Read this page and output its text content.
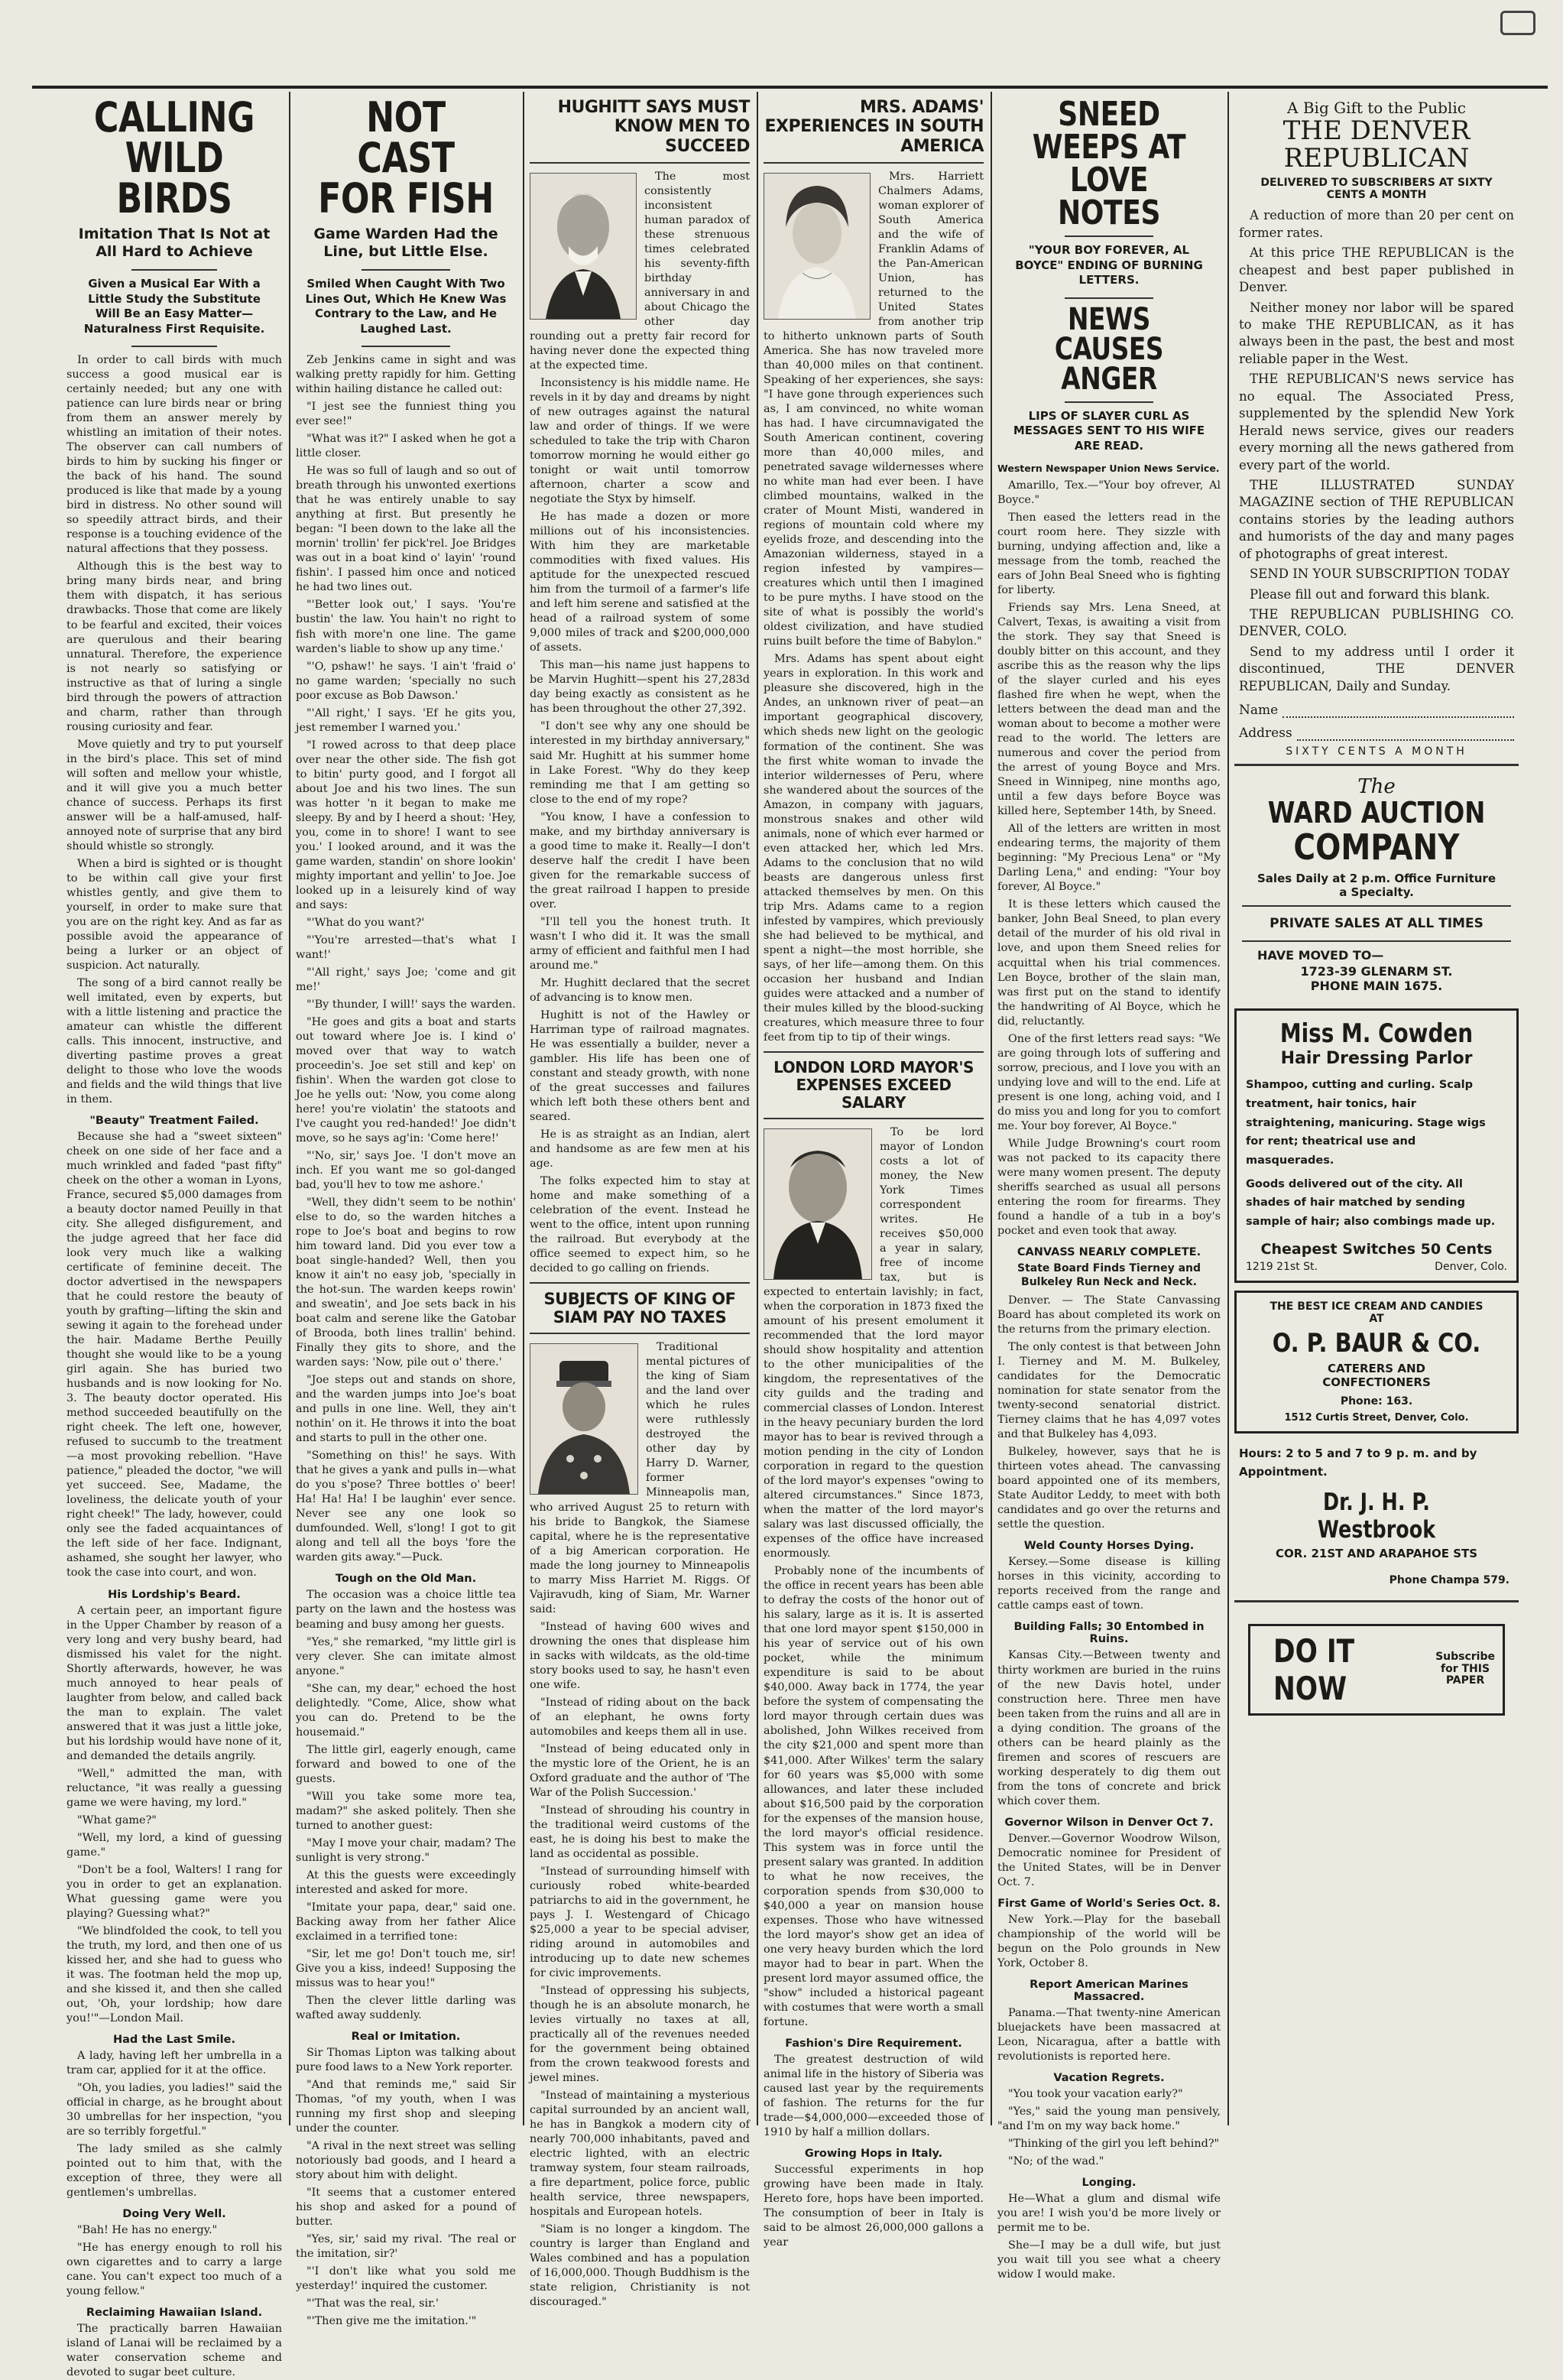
CALLING WILD BIRDS
Imitation That Is Not at All Hard to Achieve
Given a Musical Ear With a Little Study the Substitute Will Be an Easy Matter—Naturalness First Requisite.

In order to call birds with much success a good musical ear is certainly needed; but any one with patience can lure birds near or bring from them an answer merely by whistling an imitation of their notes. The observer can call numbers of birds to him by sucking his finger or the back of his hand. The sound produced is like that made by a young bird in distress. No other sound will so speedily attract birds, and their response is a touching evidence of the natural affections that they possess.

Although this is the best way to bring many birds near, and bring them with dispatch, it has serious drawbacks. Those that come are likely to be fearful and excited, their voices are querulous and their bearing unnatural. Therefore, the experience is not nearly so satisfying or instructive as that of luring a single bird through the powers of attraction and charm, rather than through rousing curiosity and fear.

Move quietly and try to put yourself in the bird's place. This set of mind will soften and mellow your whistle, and it will give you a much better chance of success. Perhaps its first answer will be a half-amused, half-annoyed note of surprise that any bird should whistle so strongly.

When a bird is sighted or is thought to be within call give your first whistles gently, and give them to yourself, in order to make sure that you are on the right key. And as far as possible avoid the appearance of being a lurker or an object of suspicion. Act naturally.

The song of a bird cannot really be well imitated, even by experts, but with a little listening and practice the amateur can whistle the different calls. This innocent, instructive, and diverting pastime proves a great delight to those who love the woods and fields and the wild things that live in them.

"Beauty" Treatment Failed.

Because she had a "sweet sixteen" cheek on one side of her face and a much wrinkled and faded "past fifty" cheek on the other a woman in Lyons, France, secured $5,000 damages from a beauty doctor named Peuilly in that city. She alleged disfigurement, and the judge agreed that her face did look very much like a walking certificate of feminine deceit. The doctor advertised in the newspapers that he could restore the beauty of youth by grafting—lifting the skin and sewing it again to the forehead under the hair. Madame Berthe Peuilly thought she would like to be a young girl again. She has buried two husbands and is now looking for No. 3. The beauty doctor operated. His method succeeded beautifully on the right cheek. The left one, however, refused to succumb to the treatment—a most provoking rebellion. "Have patience," pleaded the doctor, "we will yet succeed. See, Madame, the loveliness, the delicate youth of your right cheek!" The lady, however, could only see the faded acquaintances of the left side of her face. Indignant, ashamed, she sought her lawyer, who took the case into court, and won.

His Lordship's Beard.

A certain peer, an important figure in the Upper Chamber by reason of a very long and very bushy beard, had dismissed his valet for the night. Shortly afterwards, however, he was much annoyed to hear peals of laughter from below, and called back the man to explain. The valet answered that it was just a little joke, but his lordship would have none of it, and demanded the details angrily.

"Well," admitted the man, with reluctance, "it was really a guessing game we were having, my lord."

"What game?"

"Well, my lord, a kind of guessing game."

"Don't be a fool, Walters! I rang for you in order to get an explanation. What guessing game were you playing? Guessing what?"

"We blindfolded the cook, to tell you the truth, my lord, and then one of us kissed her, and she had to guess who it was. The footman held the mop up, and she kissed it, and then she called out, 'Oh, your lordship; how dare you!'"—London Mail.

Had the Last Smile.

A lady, having left her umbrella in a tram car, applied for it at the office.

"Oh, you ladies, you ladies!" said the official in charge, as he brought about 30 umbrellas for her inspection, "you are so terribly forgetful."

The lady smiled as she calmly pointed out to him that, with the exception of three, they were all gentlemen's umbrellas.

Doing Very Well.

"Bah! He has no energy."

"He has energy enough to roll his own cigarettes and to carry a large cane. You can't expect too much of a young fellow."

Reclaiming Hawaiian Island.

The practically barren Hawaiian island of Lanai will be reclaimed by a water conservation scheme and devoted to sugar beet culture.

NOT CAST FOR FISH
Game Warden Had the Line, but Little Else.
Smiled When Caught With Two Lines Out, Which He Knew Was Contrary to the Law, and He Laughed Last.

Zeb Jenkins came in sight and was walking pretty rapidly for him. Getting within hailing distance he called out:

"I jest see the funniest thing you ever see!"

"What was it?" I asked when he got a little closer.

He was so full of laugh and so out of breath through his unwonted exertions that he was entirely unable to say anything at first. But presently he began: "I been down to the lake all the mornin' trollin' fer pick'rel. Joe Bridges was out in a boat kind o' layin' 'round fishin'. I passed him once and noticed he had two lines out.

"'Better look out,' I says. 'You're bustin' the law. You hain't no right to fish with more'n one line. The game warden's liable to show up any time.'

"'O, pshaw!' he says. 'I ain't 'fraid o' no game warden; 'specially no such poor excuse as Bob Dawson.'

"'All right,' I says. 'Ef he gits you, jest remember I warned you.'

"I rowed across to that deep place over near the other side. The fish got to bitin' purty good, and I forgot all about Joe and his two lines. The sun was hotter 'n it began to make me sleepy. By and by I heerd a shout: 'Hey, you, come in to shore! I want to see you.' I looked around, and it was the game warden, standin' on shore lookin' mighty important and yellin' to Joe. Joe looked up in a leisurely kind of way and says:

"'What do you want?'

"'You're arrested—that's what I want!'

"'All right,' says Joe; 'come and git me!'

"'By thunder, I will!' says the warden.

"He goes and gits a boat and starts out toward where Joe is. I kind o' moved over that way to watch proceedin's. Joe set still and kep' on fishin'. When the warden got close to Joe he yells out: 'Now, you come along here! you're violatin' the statoots and I've caught you red-handed!' Joe didn't move, so he says ag'in: 'Come here!'

"'No, sir,' says Joe. 'I don't move an inch. Ef you want me so gol-danged bad, you'll hev to tow me ashore.'

"Well, they didn't seem to be nothin' else to do, so the warden hitches a rope to Joe's boat and begins to row him toward land. Did you ever tow a boat single-handed? Well, then you know it ain't no easy job, 'specially in the hot-sun. The warden keeps rowin' and sweatin', and Joe sets back in his boat calm and serene like the Gatobar of Brooda, both lines trallin' behind. Finally they gits to shore, and the warden says: 'Now, pile out o' there.'

"Joe steps out and stands on shore, and the warden jumps into Joe's boat and pulls in one line. Well, they ain't nothin' on it. He throws it into the boat and starts to pull in the other one.

"Something on this!' he says. With that he gives a yank and pulls in—what do you s'pose? Three bottles o' beer! Ha! Ha! Ha! I be laughin' ever sence. Never see any one look so dumfounded. Well, s'long! I got to git along and tell all the boys 'fore the warden gits away."—Puck.

Tough on the Old Man.

The occasion was a choice little tea party on the lawn and the hostess was beaming and busy among her guests.

"Yes," she remarked, "my little girl is very clever. She can imitate almost anyone."

"She can, my dear," echoed the host delightedly. "Come, Alice, show what you can do. Pretend to be the housemaid."

The little girl, eagerly enough, came forward and bowed to one of the guests.

"Will you take some more tea, madam?" she asked politely. Then she turned to another guest:

"May I move your chair, madam? The sunlight is very strong."

At this the guests were exceedingly interested and asked for more.

"Imitate your papa, dear," said one. Backing away from her father Alice exclaimed in a terrified tone:

"Sir, let me go! Don't touch me, sir! Give you a kiss, indeed! Supposing the missus was to hear you!"

Then the clever little darling was wafted away suddenly.

Real or Imitation.

Sir Thomas Lipton was talking about pure food laws to a New York reporter.

"And that reminds me," said Sir Thomas, "of my youth, when I was running my first shop and sleeping under the counter.

"A rival in the next street was selling notoriously bad goods, and I heard a story about him with delight.

"It seems that a customer entered his shop and asked for a pound of butter.

"Yes, sir,' said my rival. 'The real or the imitation, sir?'

"'I don't like what you sold me yesterday!' inquired the customer.

"'That was the real, sir.'

"'Then give me the imitation.'"

HUGHITT SAYS MUST KNOW MEN TO SUCCEED

The most consistently inconsistent human paradox of these strenuous times celebrated his seventy-fifth birthday anniversary in and about Chicago the other day rounding out a pretty fair record for having never done the expected thing at the expected time.

Inconsistency is his middle name. He revels in it by day and dreams by night of new outrages against the natural law and order of things. If we were scheduled to take the trip with Charon tomorrow morning he would either go tonight or wait until tomorrow afternoon, charter a scow and negotiate the Styx by himself.

He has made a dozen or more millions out of his inconsistencies. With him they are marketable commodities with fixed values. His aptitude for the unexpected rescued him from the turmoil of a farmer's life and left him serene and satisfied at the head of a railroad system of some 9,000 miles of track and $200,000,000 of assets.

This man—his name just happens to be Marvin Hughitt—spent his 27,283d day being exactly as consistent as he has been throughout the other 27,392.

"I don't see why any one should be interested in my birthday anniversary," said Mr. Hughitt at his summer home in Lake Forest. "Why do they keep reminding me that I am getting so close to the end of my rope?

"You know, I have a confession to make, and my birthday anniversary is a good time to make it. Really—I don't deserve half the credit I have been given for the remarkable success of the great railroad I happen to preside over.

"I'll tell you the honest truth. It wasn't I who did it. It was the small army of efficient and faithful men I had around me."

Mr. Hughitt declared that the secret of advancing is to know men.

Hughitt is not of the Hawley or Harriman type of railroad magnates. He was essentially a builder, never a gambler. His life has been one of constant and steady growth, with none of the great successes and failures which left both these others bent and seared.

He is as straight as an Indian, alert and handsome as are few men at his age.

The folks expected him to stay at home and make something of a celebration of the event. Instead he went to the office, intent upon running the railroad. But everybody at the office seemed to expect him, so he decided to go calling on friends.

SUBJECTS OF KING OF SIAM PAY NO TAXES

Traditional mental pictures of the king of Siam and the land over which he rules were ruthlessly destroyed the other day by Harry D. Warner, former Minneapolis man, who arrived August 25 to return with his bride to Bangkok, the Siamese capital, where he is the representative of a big American corporation. He made the long journey to Minneapolis to marry Miss Harriet M. Riggs. Of Vajiravudh, king of Siam, Mr. Warner said:

"Instead of having 600 wives and drowning the ones that displease him in sacks with wildcats, as the old-time story books used to say, he hasn't even one wife.

"Instead of riding about on the back of an elephant, he owns forty automobiles and keeps them all in use.

"Instead of being educated only in the mystic lore of the Orient, he is an Oxford graduate and the author of 'The War of the Polish Succession.'

"Instead of shrouding his country in the traditional weird customs of the east, he is doing his best to make the land as occidental as possible.

"Instead of surrounding himself with curiously robed white-bearded patriarchs to aid in the government, he pays J. I. Westengard of Chicago $25,000 a year to be special adviser, riding around in automobiles and introducing up to date new schemes for civic improvements.

"Instead of oppressing his subjects, though he is an absolute monarch, he levies virtually no taxes at all, practically all of the revenues needed for the government being obtained from the crown teakwood forests and jewel mines.

"Instead of maintaining a mysterious capital surrounded by an ancient wall, he has in Bangkok a modern city of nearly 700,000 inhabitants, paved and electric lighted, with an electric tramway system, four steam railroads, a fire department, police force, public health service, three newspapers, hospitals and European hotels.

"Siam is no longer a kingdom. The country is larger than England and Wales combined and has a population of 16,000,000. Though Buddhism is the state religion, Christianity is not discouraged."

MRS. ADAMS' EXPERIENCES IN SOUTH AMERICA

Mrs. Harriett Chalmers Adams, woman explorer of South America and the wife of Franklin Adams of the Pan-American Union, has returned to the United States from another trip to hitherto unknown parts of South America. She has now traveled more than 40,000 miles on that continent. Speaking of her experiences, she says: "I have gone through experiences such as, I am convinced, no white woman has had. I have circumnavigated the South American continent, covering more than 40,000 miles, and penetrated savage wildernesses where no white man had ever been. I have climbed mountains, walked in the crater of Mount Misti, wandered in regions of mountain cold where my eyelids froze, and descending into the Amazonian wilderness, stayed in a region infested by vampires—creatures which until then I imagined to be pure myths. I have stood on the site of what is possibly the world's oldest civilization, and have studied ruins built before the time of Babylon."

Mrs. Adams has spent about eight years in exploration. In this work and pleasure she discovered, high in the Andes, an unknown river of peat—an important geographical discovery, which sheds new light on the geologic formation of the continent. She was the first white woman to invade the interior wildernesses of Peru, where she wandered about the sources of the Amazon, in company with jaguars, monstrous snakes and other wild animals, none of which ever harmed or even attacked her, which led Mrs. Adams to the conclusion that no wild beasts are dangerous unless first attacked themselves by men. On this trip Mrs. Adams came to a region infested by vampires, which previously she had believed to be mythical, and spent a night—the most horrible, she says, of her life—among them. On this occasion her husband and Indian guides were attacked and a number of their mules killed by the blood-sucking creatures, which measure three to four feet from tip to tip of their wings.

LONDON LORD MAYOR'S EXPENSES EXCEED SALARY

To be lord mayor of London costs a lot of money, the New York Times correspondent writes. He receives $50,000 a year in salary, free of income tax, but is expected to entertain lavishly; in fact, when the corporation in 1873 fixed the amount of his present emolument it recommended that the lord mayor should show hospitality and attention to the other municipalities of the kingdom, the representatives of the city guilds and the trading and commercial classes of London. Interest in the heavy pecuniary burden the lord mayor has to bear is revived through a motion pending in the city of London corporation in regard to the question of the lord mayor's expenses "owing to altered circumstances." Since 1873, when the matter of the lord mayor's salary was last discussed officially, the expenses of the office have increased enormously.

Probably none of the incumbents of the office in recent years has been able to defray the costs of the honor out of his salary, large as it is. It is asserted that one lord mayor spent $150,000 in his year of service out of his own pocket, while the minimum expenditure is said to be about $40,000. Away back in 1774, the year before the system of compensating the lord mayor through certain dues was abolished, John Wilkes received from the city $21,000 and spent more than $41,000. After Wilkes' term the salary for 60 years was $5,000 with some allowances, and later these included about $16,500 paid by the corporation for the expenses of the mansion house, the lord mayor's official residence. This system was in force until the present salary was granted. In addition to what he now receives, the corporation spends from $30,000 to $40,000 a year on mansion house expenses. Those who have witnessed the lord mayor's show get an idea of one very heavy burden which the lord mayor had to bear in part. When the present lord mayor assumed office, the "show" included a historical pageant with costumes that were worth a small fortune.

Fashion's Dire Requirement.

The greatest destruction of wild animal life in the history of Siberia was caused last year by the requirements of fashion. The returns for the fur trade—$4,000,000—exceeded those of 1910 by half a million dollars.

Growing Hops in Italy.

Successful experiments in hop growing have been made in Italy. Hereto fore, hops have been imported. The consumption of beer in Italy is said to be almost 26,000,000 gallons a year

SNEED WEEPS AT LOVE NOTES
"YOUR BOY FOREVER, AL BOYCE" ENDING OF BURNING LETTERS.
NEWS CAUSES ANGER
LIPS OF SLAYER CURL AS MESSAGES SENT TO HIS WIFE ARE READ.
Western Newspaper Union News Service.

Amarillo, Tex.—"Your boy ofrever, Al Boyce."

Then eased the letters read in the court room here. They sizzle with burning, undying affection and, like a message from the tomb, reached the ears of John Beal Sneed who is fighting for liberty.

Friends say Mrs. Lena Sneed, at Calvert, Texas, is awaiting a visit from the stork. They say that Sneed is doubly bitter on this account, and they ascribe this as the reason why the lips of the slayer curled and his eyes flashed fire when he wept, when the letters between the dead man and the woman about to become a mother were read to the world. The letters are numerous and cover the period from the arrest of young Boyce and Mrs. Sneed in Winnipeg, nine months ago, until a few days before Boyce was killed here, September 14th, by Sneed.

All of the letters are written in most endearing terms, the majority of them beginning: "My Precious Lena" or "My Darling Lena," and ending: "Your boy forever, Al Boyce."

It is these letters which caused the banker, John Beal Sneed, to plan every detail of the murder of his old rival in love, and upon them Sneed relies for acquittal when his trial commences. Len Boyce, brother of the slain man, was first put on the stand to identify the handwriting of Al Boyce, which he did, reluctantly.

One of the first letters read says: "We are going through lots of suffering and sorrow, precious, and I love you with an undying love and will to the end. Life at present is one long, aching void, and I do miss you and long for you to comfort me. Your boy forever, Al Boyce."

While Judge Browning's court room was not packed to its capacity there were many women present. The deputy sheriffs searched as usual all persons entering the room for firearms. They found a handle of a tub in a boy's pocket and even took that away.

CANVASS NEARLY COMPLETE.
State Board Finds Tierney and Bulkeley Run Neck and Neck.

Denver. — The State Canvassing Board has about completed its work on the returns from the primary election.

The only contest is that between John I. Tierney and M. M. Bulkeley, candidates for the Democratic nomination for state senator from the twenty-second senatorial district. Tierney claims that he has 4,097 votes and that Bulkeley has 4,093.

Bulkeley, however, says that he is thirteen votes ahead. The canvassing board appointed one of its members, State Auditor Leddy, to meet with both candidates and go over the returns and settle the question.

Weld County Horses Dying.

Kersey.—Some disease is killing horses in this vicinity, according to reports received from the range and cattle camps east of town.

Building Falls; 30 Entombed in Ruins.

Kansas City.—Between twenty and thirty workmen are buried in the ruins of the new Davis hotel, under construction here. Three men have been taken from the ruins and all are in a dying condition. The groans of the others can be heard plainly as the firemen and scores of rescuers are working desperately to dig them out from the tons of concrete and brick which cover them.

Governor Wilson in Denver Oct 7.

Denver.—Governor Woodrow Wilson, Democratic nominee for President of the United States, will be in Denver Oct. 7.

First Game of World's Series Oct. 8.

New York.—Play for the baseball championship of the world will be begun on the Polo grounds in New York, October 8.

Report American Marines Massacred.

Panama.—That twenty-nine American bluejackets have been massacred at Leon, Nicaragua, after a battle with revolutionists is reported here.

Vacation Regrets.

"You took your vacation early?"

"Yes," said the young man pensively, "and I'm on my way back home."

"Thinking of the girl you left behind?"

"No; of the wad."

Longing.

He—What a glum and dismal wife you are! I wish you'd be more lively or permit me to be.

She—I may be a dull wife, but just you wait till you see what a cheery widow I would make.

A Big Gift to the Public
THE DENVER
REPUBLICAN
DELIVERED TO SUBSCRIBERS AT SIXTY CENTS A MONTH

A reduction of more than 20 per cent on former rates.

At this price THE REPUBLICAN is the cheapest and best paper published in Denver.

Neither money nor labor will be spared to make THE REPUBLICAN, as it has always been in the past, the best and most reliable paper in the West.

THE REPUBLICAN'S news service has no equal. The Associated Press, supplemented by the splendid New York Herald news service, gives our readers every morning all the news gathered from every part of the world.

THE ILLUSTRATED SUNDAY MAGAZINE section of THE REPUBLICAN contains stories by the leading authors and humorists of the day and many pages of photographs of great interest.

SEND IN YOUR SUBSCRIPTION TODAY

Please fill out and forward this blank.

THE REPUBLICAN PUBLISHING CO. DENVER, COLO.

Send to my address until I order it discontinued, THE DENVER REPUBLICAN, Daily and Sunday.

Name
Address
SIXTY CENTS A MONTH
The
WARD AUCTION
COMPANY
Sales Daily at 2 p.m. Office Furniture a Specialty.
PRIVATE SALES AT ALL TIMES
HAVE MOVED TO—
1723-39 GLENARM ST.
PHONE MAIN 1675.
Miss M. Cowden
Hair Dressing Parlor
Shampoo, cutting and curling. Scalp treatment, hair tonics, hair straightening, manicuring. Stage wigs for rent; theatrical use and masquerades.
Goods delivered out of the city. All shades of hair matched by sending sample of hair; also combings made up.
Cheapest Switches 50 Cents
1219 21st St.	Denver, Colo.
THE BEST ICE CREAM AND CANDIES AT
O. P. BAUR & CO.
CATERERS AND
CONFECTIONERS
Phone: 163.
1512 Curtis Street, Denver, Colo.
Hours: 2 to 5 and 7 to 9 p. m. and by Appointment.
Dr. J. H. P. Westbrook
COR. 21ST AND ARAPAHOE STS
Phone Champa 579.
DO IT NOW
Subscribe for THIS PAPER
